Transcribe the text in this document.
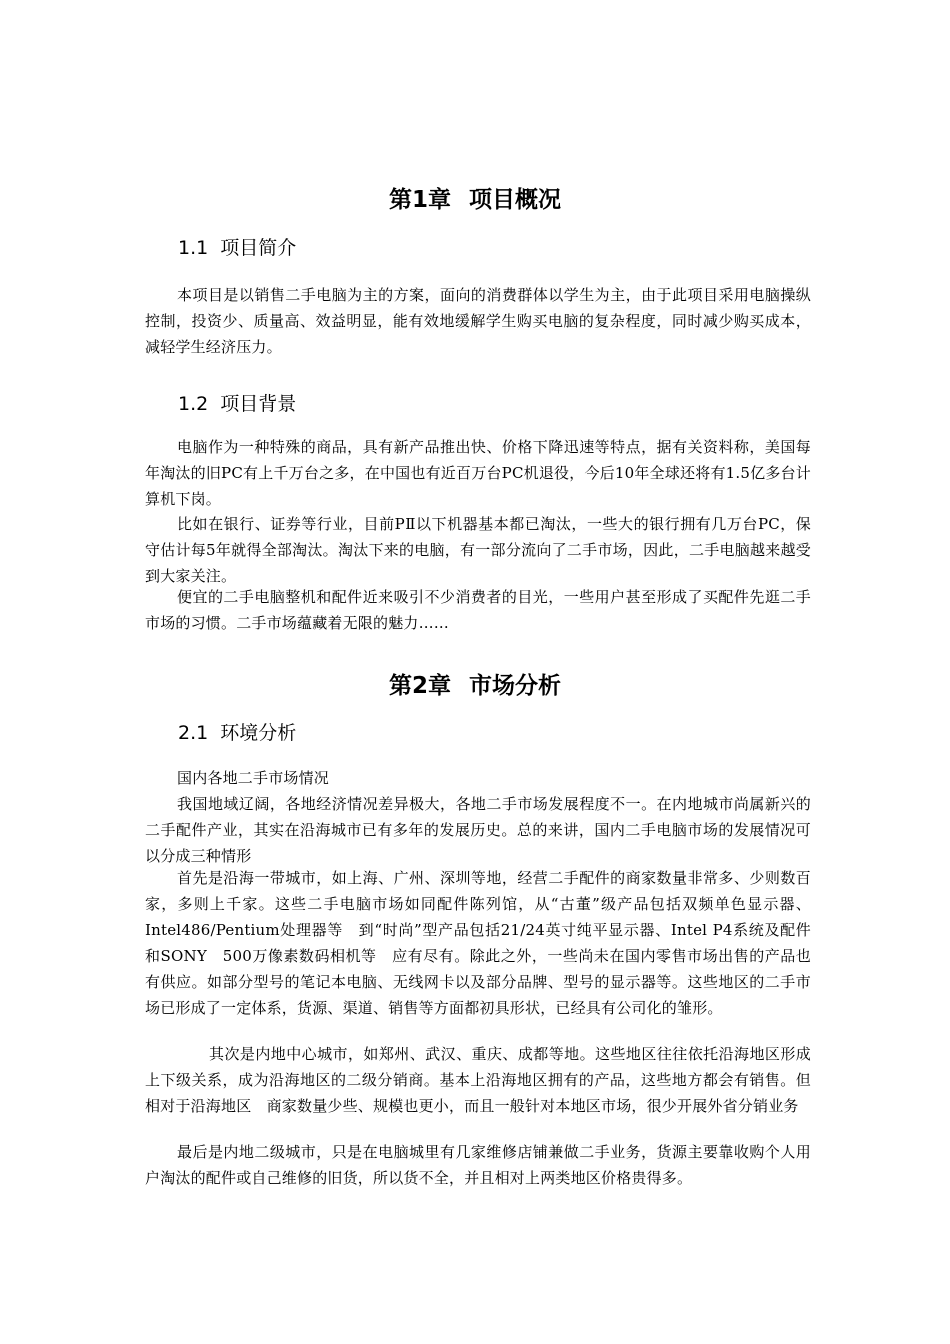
第1章 项目概况
1.1 项目简介

本项目是以销售二手电脑为主的方案，面向的消费群体以学生为主，由于此项目采用电脑操纵控制，投资少、质量高、效益明显，能有效地缓解学生购买电脑的复杂程度，同时减少购买成本，减轻学生经济压力。

1.2 项目背景

电脑作为一种特殊的商品，具有新产品推出快、价格下降迅速等特点，据有关资料称，美国每年淘汰的旧PC有上千万台之多，在中国也有近百万台PC机退役，今后10年全球还将有1.5亿多台计算机下岗。

比如在银行、证券等行业，目前PⅡ以下机器基本都已淘汰，一些大的银行拥有几万台PC，保守估计每5年就得全部淘汰。淘汰下来的电脑，有一部分流向了二手市场，因此，二手电脑越来越受到大家关注。

便宜的二手电脑整机和配件近来吸引不少消费者的目光，一些用户甚至形成了买配件先逛二手市场的习惯。二手市场蕴藏着无限的魅力……

第2章 市场分析
2.1 环境分析

国内各地二手市场情况

我国地域辽阔，各地经济情况差异极大，各地二手市场发展程度不一。在内地城市尚属新兴的二手配件产业，其实在沿海城市已有多年的发展历史。总的来讲，国内二手电脑市场的发展情况可以分成三种情形

首先是沿海一带城市，如上海、广州、深圳等地，经营二手配件的商家数量非常多、少则数百家，多则上千家。这些二手电脑市场如同配件陈列馆，从“古董”级产品包括双频单色显示器、Intel486/Pentium处理器等　到“时尚”型产品包括21/24英寸纯平显示器、Intel P4系统及配件和SONY　500万像素数码相机等　应有尽有。除此之外，一些尚未在国内零售市场出售的产品也有供应。如部分型号的笔记本电脑、无线网卡以及部分品牌、型号的显示器等。这些地区的二手市场已形成了一定体系，货源、渠道、销售等方面都初具形状，已经具有公司化的雏形。

其次是内地中心城市，如郑州、武汉、重庆、成都等地。这些地区往往依托沿海地区形成上下级关系，成为沿海地区的二级分销商。基本上沿海地区拥有的产品，这些地方都会有销售。但相对于沿海地区　商家数量少些、规模也更小，而且一般针对本地区市场，很少开展外省分销业务

最后是内地二级城市，只是在电脑城里有几家维修店铺兼做二手业务，货源主要靠收购个人用户淘汰的配件或自己维修的旧货，所以货不全，并且相对上两类地区价格贵得多。
